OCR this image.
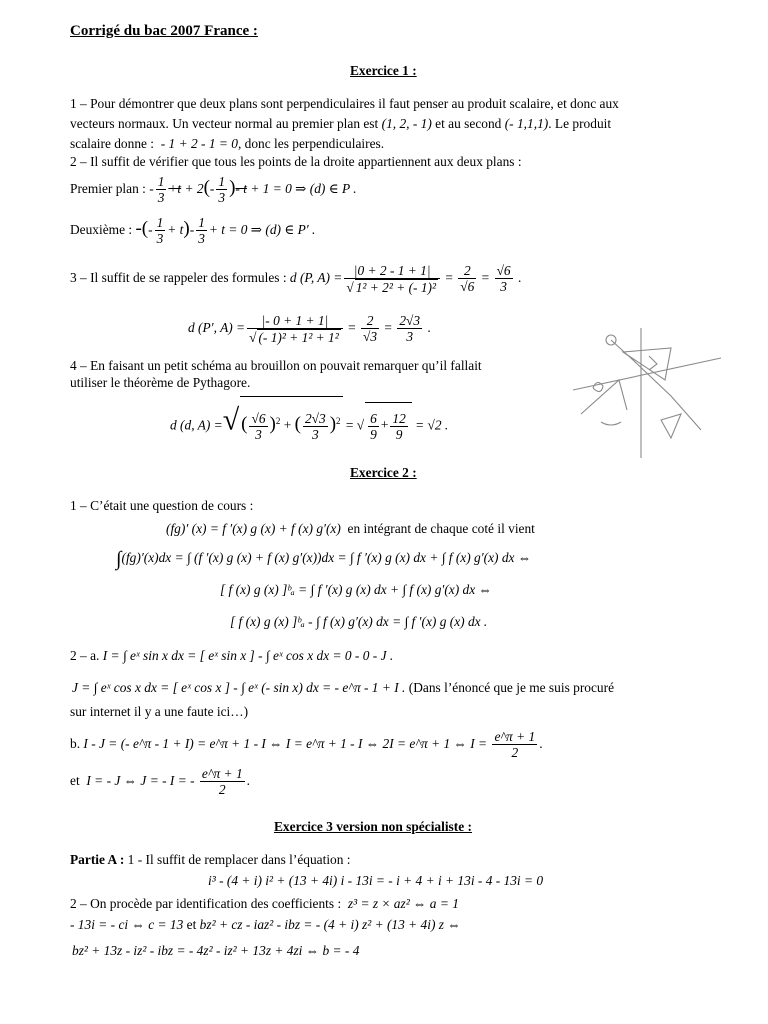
Corrigé du bac 2007 France :
Exercice 1 :
1 – Pour démontrer que deux plans sont perpendiculaires il faut penser au produit scalaire, et donc aux
vecteurs normaux. Un vecteur normal au premier plan est (1, 2, - 1) et au second (- 1,1,1). Le produit
scalaire donne : - 1 + 2 - 1 = 0, donc les perpendiculaires.
2 – Il suffit de vérifier que tous les points de la droite appartiennent aux deux plans :
Premier plan : - $\frac{1}{3} +t + 2(- \frac{1}{3}$ )- t + 1 = 0 ⇒ (d) ∈ P .
Deuxième : -(- $\frac{1}{3} + t)- \frac{1}{3} + t = 0$ ⇒ (d) ∈ P′ .
3 – Il suffit de se rappeler des formules : d (P, $A) = \frac{|0 + 2 - 1 + 1|}{\text{√ 1² + 2² + (- 1)²}} = \frac{2}{√6} = \frac{√6}{3}$ .
d (P′, $A) = \frac{|- 0 + 1 + 1|}{\text{√ (- 1)² + 1² + 1²}} = \frac{2}{√3} = \frac{2√3}{3}$ .
4 – En faisant un petit schéma au brouillon on pouvait remarquer qu’il fallait
utiliser le théorème de Pythagore.
d (d, A) =√ ( $\frac{√6}{3} )^2$ + ( $\frac{2√3}{3} )^2$ = √ $\frac{6}{9} + \frac{12}{9} = √2$ .
Exercice 2 :
1 – C’était une question de cours :
(fg)′ (x) = f ′(x) g (x) + f (x) g′(x) en intégrant de chaque coté il vient
∫(fg)′(x)dx = ∫ (f ′(x) g (x) + f (x) g′(x))dx = ∫ f ′(x) g (x) dx + ∫ f (x) g′(x) dx ⇔
[ f (x) g (x) ]ᵇₐ = ∫ f ′(x) g (x) dx + ∫ f (x) g′(x) dx ⇔
[ f (x) g (x) ]ᵇₐ - ∫ f (x) g′(x) dx = ∫ f ′(x) g (x) dx .
2 – a. I = ∫ eˣ sin x dx = [ eˣ sin x ] - ∫ eˣ cos x dx = 0 - 0 - J .
J = ∫ eˣ cos x dx = [ eˣ cos x ] - ∫ eˣ (- sin x) dx = - e^π - 1 + I . (Dans l’énoncé que je me suis procuré
sur internet il y a une faute ici…)
b. I - J = (- e^π - 1 + I) = e^π + 1 - I ⇔ I = e^π + 1 - I ⇔ 2I = e^π + 1 ⇔ $I = \frac{e\^{}\pi + 1}{2}$ .
et I = - J ⇔ J = - I = - $\frac{e\^{}\pi + 1}{2}$ .
Exercice 3 version non spécialiste :
Partie A : 1 - Il suffit de remplacer dans l’équation :
i³ - (4 + i) i² + (13 + 4i) i - 13i = - i + 4 + i + 13i - 4 - 13i = 0
2 – On procède par identification des coefficients : z³ = z × az² ⇔ a = 1
- 13i = - ci ⇔ c = 13 et bz² + cz - iaz² - ibz = - (4 + i) z² + (13 + 4i) z ⇔
bz² + 13z - iz² - ibz = - 4z² - iz² + 13z + 4zi ⇔ b = - 4
